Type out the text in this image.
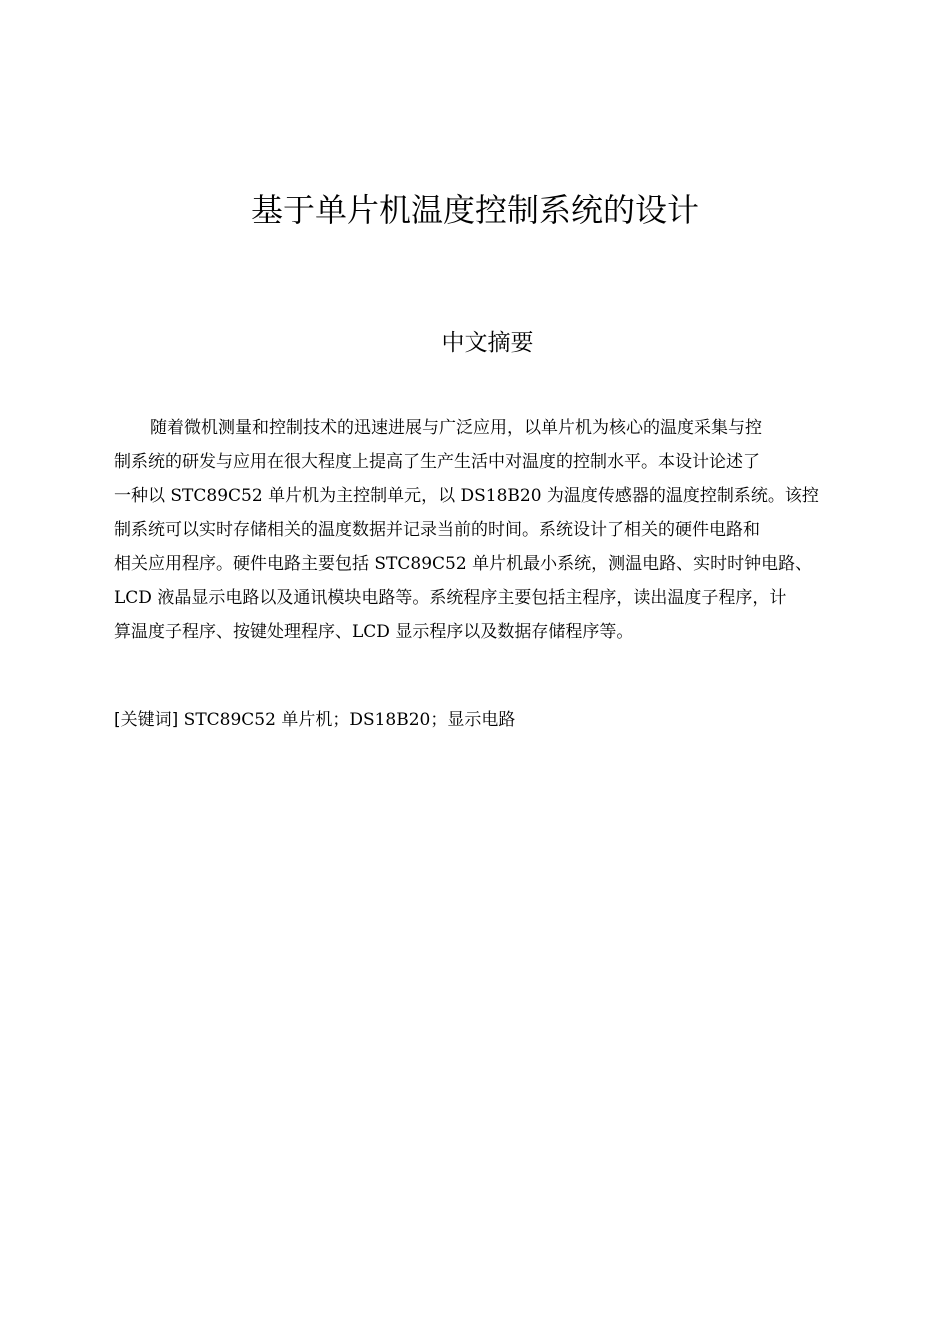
基于单片机温度控制系统的设计
中文摘要
随着微机测量和控制技术的迅速进展与广泛应用，以单片机为核心的温度采集与控
制系统的研发与应用在很大程度上提高了生产生活中对温度的控制水平。本设计论述了
一种以 STC89C52 单片机为主控制单元，以 DS18B20 为温度传感器的温度控制系统。该控
制系统可以实时存储相关的温度数据并记录当前的时间。系统设计了相关的硬件电路和
相关应用程序。硬件电路主要包括 STC89C52 单片机最小系统，测温电路、实时时钟电路、
LCD 液晶显示电路以及通讯模块电路等。系统程序主要包括主程序，读出温度子程序，计
算温度子程序、按键处理程序、LCD 显示程序以及数据存储程序等。
[关键词] STC89C52 单片机；DS18B20；显示电路
